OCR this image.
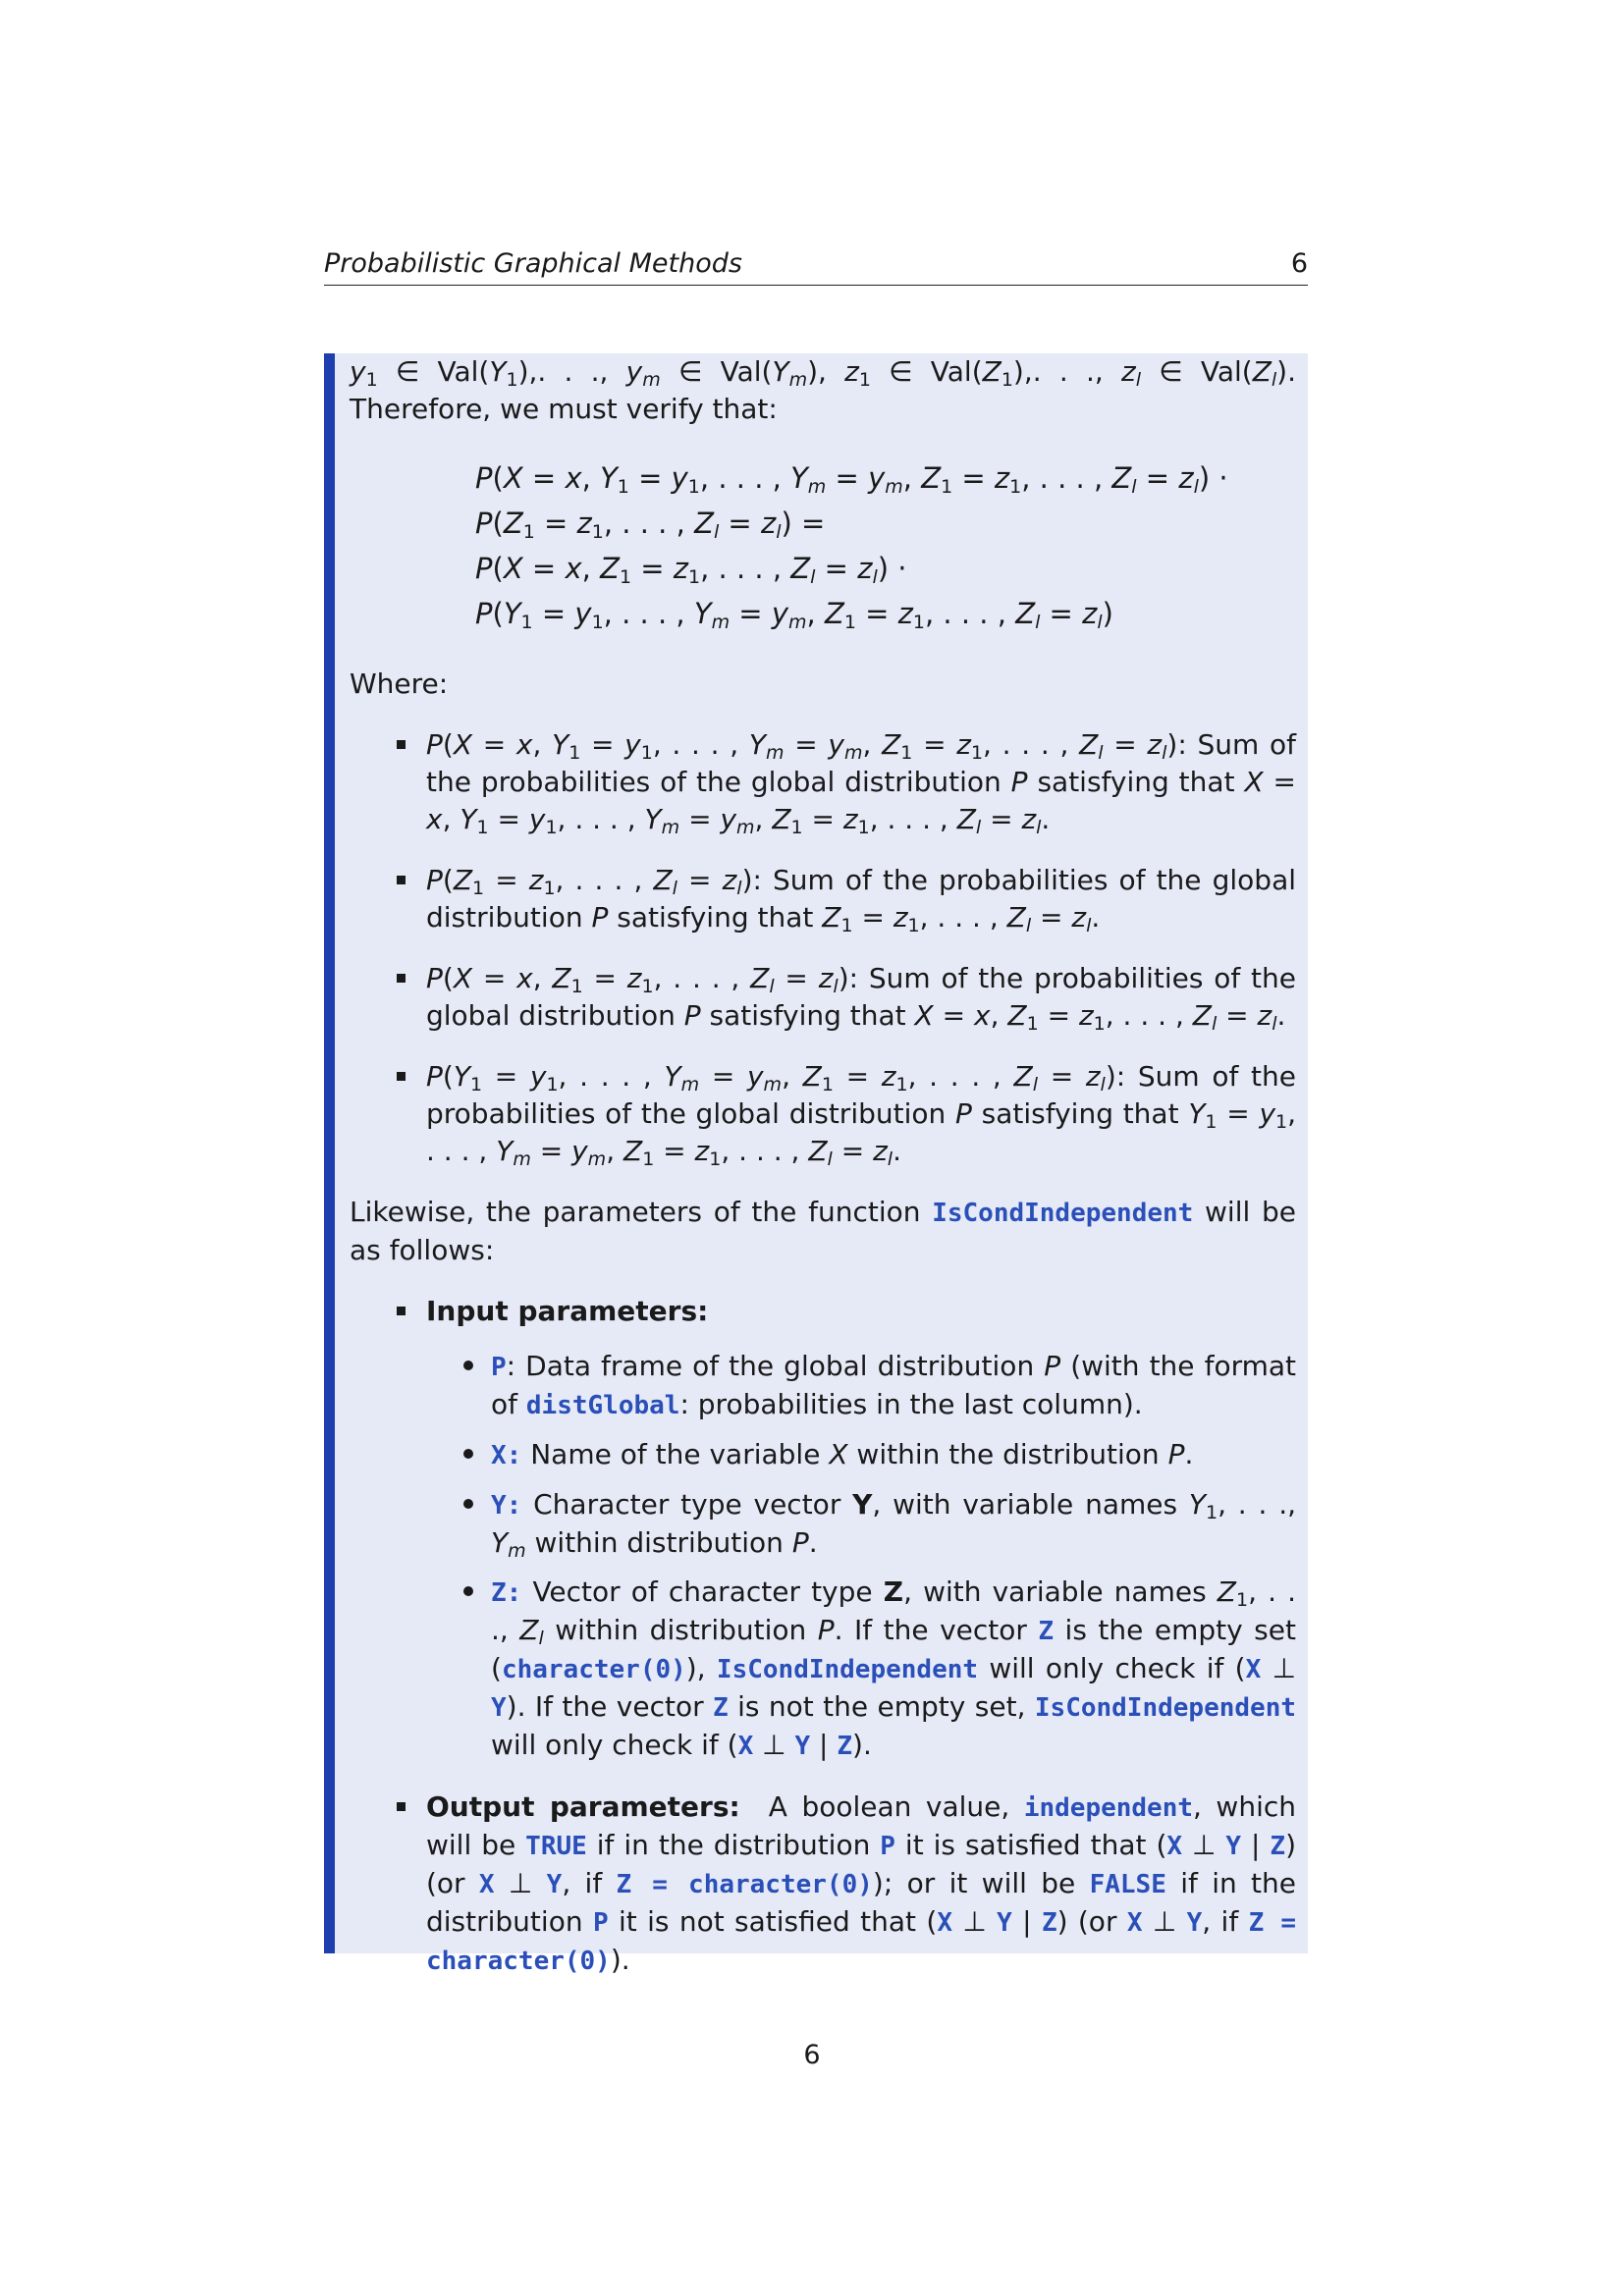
Probabilistic Graphical Methods	6

$y_1$ ∈ $Val(Y_1)$,. . ., $y_m$ ∈ $Val(Y_m)$, $z_1$ ∈ $Val(Z_1)$,. . ., $z_l$ ∈ $Val(Z_l)$. Therefore, we must verify that:

P(X = x, $Y_1 = y_1$, . . . , $Y_m = y_m$, $Z_1 = z_1$, . . . , $Z_l = z_l$) ·
$P(Z_1 = z_1$, . . . , $Z_l = z_l$) =
P(X = x, $Z_1 = z_1$, . . . , $Z_l = z_l$) ·
$P(Y_1 = y_1$, . . . , $Y_m = y_m$, $Z_1 = z_1$, . . . , $Z_l = z_l$)

Where:

P(X = x, $Y_1 = y_1$, . . . , $Y_m = y_m$, $Z_1 = z_1$, . . . , $Z_l = z_l$): Sum of the probabilities of the global distribution P satisfying that X = x, $Y_1 = y_1$, . . . , $Y_m = y_m$, $Z_1 = z_1$, . . . , $Z_l = z_l$.
$P(Z_1 = z_1$, . . . , $Z_l = z_l$): Sum of the probabilities of the global distribution P satisfying that $Z_1 = z_1$, . . . , $Z_l = z_l$.
P(X = x, $Z_1 = z_1$, . . . , $Z_l = z_l$): Sum of the probabilities of the global distribution P satisfying that X = x, $Z_1 = z_1$, . . . , $Z_l = z_l$.
$P(Y_1 = y_1$, . . . , $Y_m = y_m$, $Z_1 = z_1$, . . . , $Z_l = z_l$): Sum of the probabilities of the global distribution P satisfying that $Y_1 = y_1$, . . . , $Y_m = y_m$, $Z_1 = z_1$, . . . , $Z_l = z_l$.

Likewise, the parameters of the function IsCondIndependent will be as follows:

Input parameters:
P: Data frame of the global distribution P (with the format of distGlobal: probabilities in the last column).
X: Name of the variable X within the distribution P.
Y: Character type vector Y, with variable names $Y_1$, . . ., $Y_m$ within distribution P.
Z: Vector of character type Z, with variable names $Z_1$, . . ., $Z_l$ within distribution P. If the vector Z is the empty set (character(0)), IsCondIndependent will only check if (X ⊥ Y). If the vector Z is not the empty set, IsCondIndependent will only check if (X ⊥ Y | Z).
Output parameters: A boolean value, independent, which will be TRUE if in the distribution P it is satisfied that (X ⊥ Y | Z) (or X ⊥ Y, if Z = character(0)); or it will be FALSE if in the distribution P it is not satisfied that (X ⊥ Y | Z) (or X ⊥ Y, if Z = character(0)).
6
